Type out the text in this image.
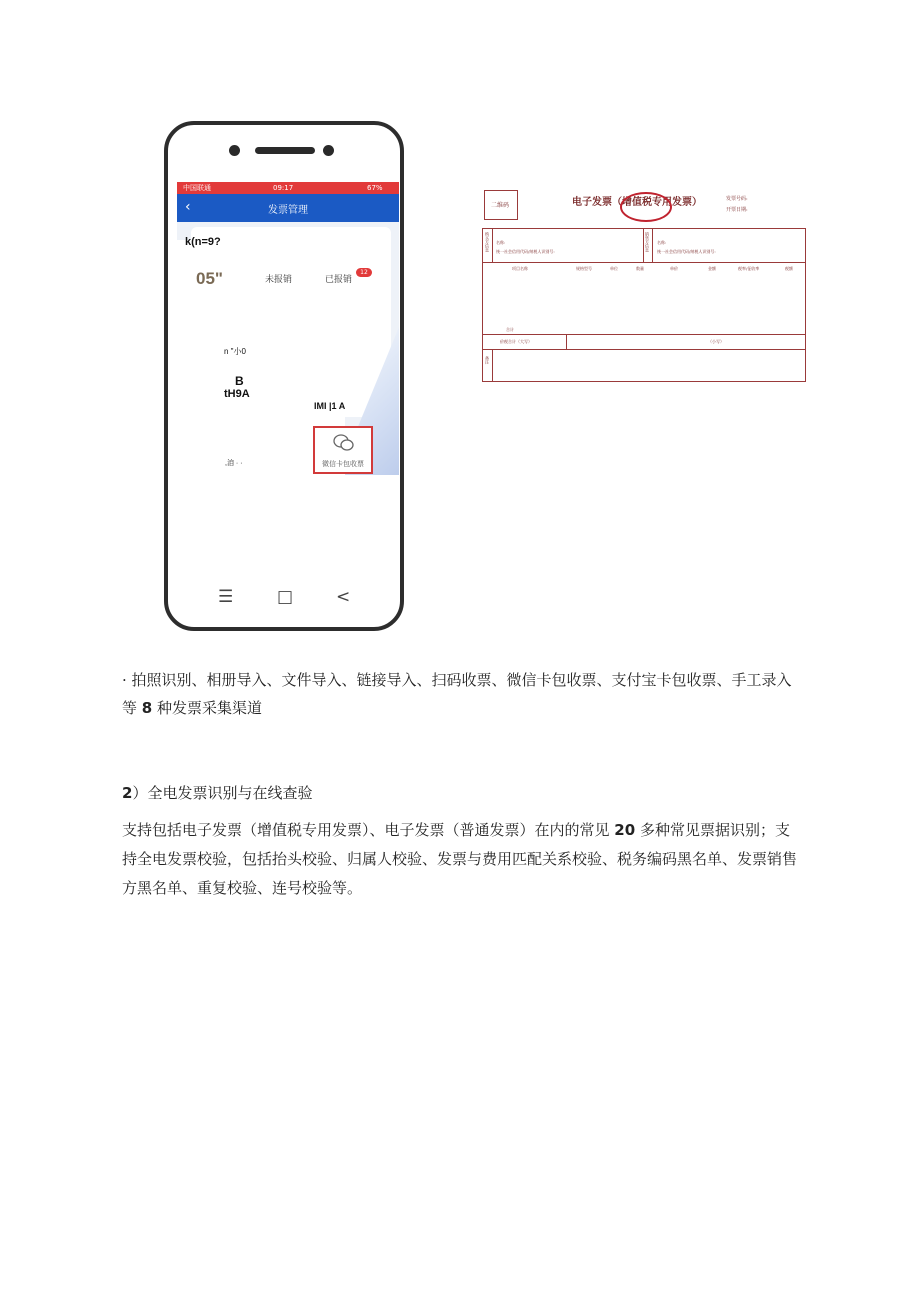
中国联通	09:17	67%
‹	发票管理
未报销	已报销
12
k(n=9?
05"
n "小0
B
tH9A
IMI |1 A
,洎 · ·	微信卡包收票
☰	□	<
二维码	电子发票（增值税专用发票）	发票号码:
开票日期:
购买方信息	销售方信息
名称:
统一社会信用代码/纳税人识别号:
名称:
统一社会信用代码/纳税人识别号:
项目名称	规格型号	单位	数量	单价	金额	税率/征收率	税额
合计
价税合计（大写）	（小写）
备注
· 拍照识别、相册导入、文件导入、链接导入、扫码收票、微信卡包收票、支付宝卡包收票、手工录入
等 8 种发票采集渠道
2）全电发票识别与在线查验
支持包括电子发票（增值税专用发票）、电子发票（普通发票）在内的常见 20 多种常见票据识别；支
持全电发票校验，包括抬头校验、归属人校验、发票与费用匹配关系校验、税务编码黑名单、发票销售
方黑名单、重复校验、连号校验等。
